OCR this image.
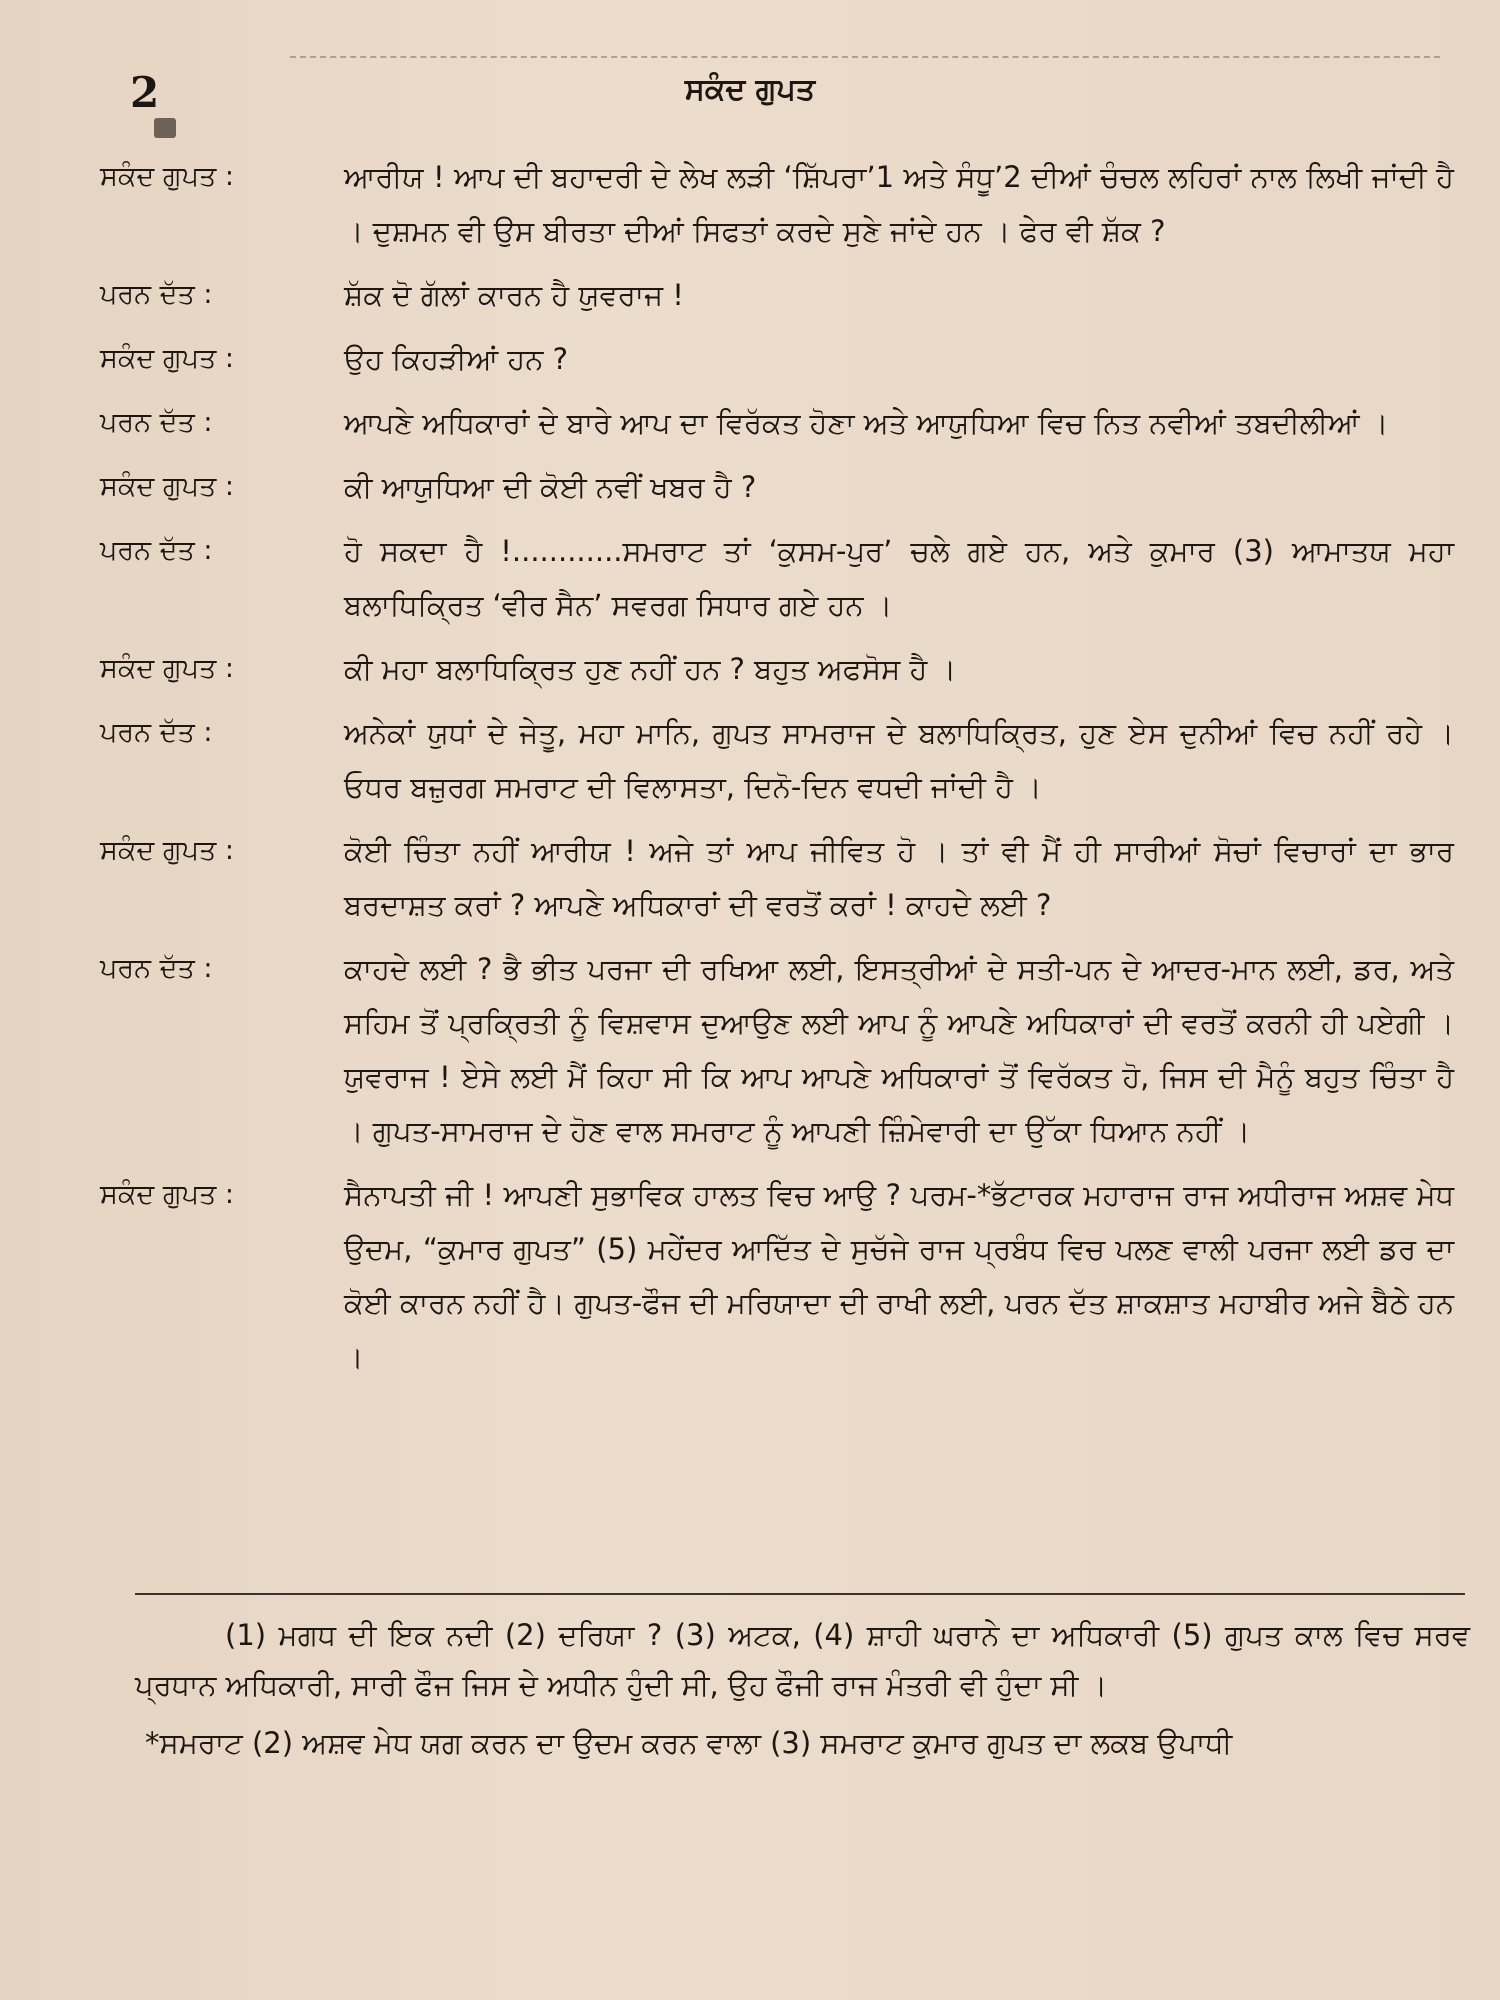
2	ਸਕੰਦ ਗੁਪਤ
ਸਕੰਦ ਗੁਪਤ :	ਆਰੀਯ ! ਆਪ ਦੀ ਬਹਾਦਰੀ ਦੇ ਲੇਖ ਲੜੀ ‘ਸ਼ਿੱਪਰਾ’1 ਅਤੇ ਸੰਧੂ’2 ਦੀਆਂ ਚੰਚਲ ਲਹਿਰਾਂ ਨਾਲ ਲਿਖੀ ਜਾਂਦੀ ਹੈ । ਦੁਸ਼ਮਨ ਵੀ ਉਸ ਬੀਰਤਾ ਦੀਆਂ ਸਿਫਤਾਂ ਕਰਦੇ ਸੁਣੇ ਜਾਂਦੇ ਹਨ । ਫੇਰ ਵੀ ਸ਼ੱਕ ?
ਪਰਨ ਦੱਤ :	ਸ਼ੱਕ ਦੋ ਗੱਲਾਂ ਕਾਰਨ ਹੈ ਯੁਵਰਾਜ !
ਸਕੰਦ ਗੁਪਤ :	ਉਹ ਕਿਹੜੀਆਂ ਹਨ ?
ਪਰਨ ਦੱਤ :	ਆਪਣੇ ਅਧਿਕਾਰਾਂ ਦੇ ਬਾਰੇ ਆਪ ਦਾ ਵਿਰੱਕਤ ਹੋਣਾ ਅਤੇ ਆਯੁਧਿਆ ਵਿਚ ਨਿਤ ਨਵੀਆਂ ਤਬਦੀਲੀਆਂ ।
ਸਕੰਦ ਗੁਪਤ :	ਕੀ ਆਯੁਧਿਆ ਦੀ ਕੋਈ ਨਵੀਂ ਖਬਰ ਹੈ ?
ਪਰਨ ਦੱਤ :	ਹੋ ਸਕਦਾ ਹੈ !............ਸਮਰਾਟ ਤਾਂ ‘ਕੁਸਮ-ਪੁਰ’ ਚਲੇ ਗਏ ਹਨ, ਅਤੇ ਕੁਮਾਰ (3) ਆਮਾਤਯ ਮਹਾ ਬਲਾਧਿਕ੍ਰਿਤ ‘ਵੀਰ ਸੈਨ’ ਸਵਰਗ ਸਿਧਾਰ ਗਏ ਹਨ ।
ਸਕੰਦ ਗੁਪਤ :	ਕੀ ਮਹਾ ਬਲਾਧਿਕ੍ਰਿਤ ਹੁਣ ਨਹੀਂ ਹਨ ? ਬਹੁਤ ਅਫਸੋਸ ਹੈ ।
ਪਰਨ ਦੱਤ :	ਅਨੇਕਾਂ ਯੁਧਾਂ ਦੇ ਜੇਤੂ, ਮਹਾ ਮਾਨਿ, ਗੁਪਤ ਸਾਮਰਾਜ ਦੇ ਬਲਾਧਿਕ੍ਰਿਤ, ਹੁਣ ਏਸ ਦੁਨੀਆਂ ਵਿਚ ਨਹੀਂ ਰਹੇ । ਓਧਰ ਬਜ਼ੁਰਗ ਸਮਰਾਟ ਦੀ ਵਿਲਾਸਤਾ, ਦਿਨੋ-ਦਿਨ ਵਧਦੀ ਜਾਂਦੀ ਹੈ ।
ਸਕੰਦ ਗੁਪਤ :	ਕੋਈ ਚਿੰਤਾ ਨਹੀਂ ਆਰੀਯ ! ਅਜੇ ਤਾਂ ਆਪ ਜੀਵਿਤ ਹੋ । ਤਾਂ ਵੀ ਮੈਂ ਹੀ ਸਾਰੀਆਂ ਸੋਚਾਂ ਵਿਚਾਰਾਂ ਦਾ ਭਾਰ ਬਰਦਾਸ਼ਤ ਕਰਾਂ ? ਆਪਣੇ ਅਧਿਕਾਰਾਂ ਦੀ ਵਰਤੋਂ ਕਰਾਂ ! ਕਾਹਦੇ ਲਈ ?
ਪਰਨ ਦੱਤ :	ਕਾਹਦੇ ਲਈ ? ਭੈ ਭੀਤ ਪਰਜਾ ਦੀ ਰਖਿਆ ਲਈ, ਇਸਤ੍ਰੀਆਂ ਦੇ ਸਤੀ-ਪਨ ਦੇ ਆਦਰ-ਮਾਨ ਲਈ, ਡਰ, ਅਤੇ ਸਹਿਮ ਤੋਂ ਪ੍ਰਕ੍ਰਿਤੀ ਨੂੰ ਵਿਸ਼ਵਾਸ ਦੁਆਉਣ ਲਈ ਆਪ ਨੂੰ ਆਪਣੇ ਅਧਿਕਾਰਾਂ ਦੀ ਵਰਤੋਂ ਕਰਨੀ ਹੀ ਪਏਗੀ । ਯੁਵਰਾਜ ! ਏਸੇ ਲਈ ਮੈਂ ਕਿਹਾ ਸੀ ਕਿ ਆਪ ਆਪਣੇ ਅਧਿਕਾਰਾਂ ਤੋਂ ਵਿਰੱਕਤ ਹੋ, ਜਿਸ ਦੀ ਮੈਨੂੰ ਬਹੁਤ ਚਿੰਤਾ ਹੈ । ਗੁਪਤ-ਸਾਮਰਾਜ ਦੇ ਹੋਣ ਵਾਲ ਸਮਰਾਟ ਨੂੰ ਆਪਣੀ ਜ਼ਿੰਮੇਵਾਰੀ ਦਾ ਉੱਕਾ ਧਿਆਨ ਨਹੀਂ ।
ਸਕੰਦ ਗੁਪਤ :	ਸੈਨਾਪਤੀ ਜੀ ! ਆਪਣੀ ਸੁਭਾਵਿਕ ਹਾਲਤ ਵਿਚ ਆਉ ? ਪਰਮ-*ਭੱਟਾਰਕ ਮਹਾਰਾਜ ਰਾਜ ਅਧੀਰਾਜ ਅਸ਼ਵ ਮੇਧ ਉਦਮ, “ਕੁਮਾਰ ਗੁਪਤ” (5) ਮਹੇਂਦਰ ਆਦਿੱਤ ਦੇ ਸੁਚੱਜੇ ਰਾਜ ਪ੍ਰਬੰਧ ਵਿਚ ਪਲਣ ਵਾਲੀ ਪਰਜਾ ਲਈ ਡਰ ਦਾ ਕੋਈ ਕਾਰਨ ਨਹੀਂ ਹੈ। ਗੁਪਤ-ਫੌਜ ਦੀ ਮਰਿਯਾਦਾ ਦੀ ਰਾਖੀ ਲਈ, ਪਰਨ ਦੱਤ ਸ਼ਾਕਸ਼ਾਤ ਮਹਾਬੀਰ ਅਜੇ ਬੈਠੇ ਹਨ ।
(1) ਮਗਧ ਦੀ ਇਕ ਨਦੀ (2) ਦਰਿਯਾ ? (3) ਅਟਕ, (4) ਸ਼ਾਹੀ ਘਰਾਨੇ ਦਾ ਅਧਿਕਾਰੀ (5) ਗੁਪਤ ਕਾਲ ਵਿਚ ਸਰਵ ਪ੍ਰਧਾਨ ਅਧਿਕਾਰੀ, ਸਾਰੀ ਫੌਜ ਜਿਸ ਦੇ ਅਧੀਨ ਹੁੰਦੀ ਸੀ, ਉਹ ਫੌਜੀ ਰਾਜ ਮੰਤਰੀ ਵੀ ਹੁੰਦਾ ਸੀ ।
*ਸਮਰਾਟ (2) ਅਸ਼ਵ ਮੇਧ ਯਗ ਕਰਨ ਦਾ ਉਦਮ ਕਰਨ ਵਾਲਾ (3) ਸਮਰਾਟ ਕੁਮਾਰ ਗੁਪਤ ਦਾ ਲਕਬ ਉਪਾਧੀ
